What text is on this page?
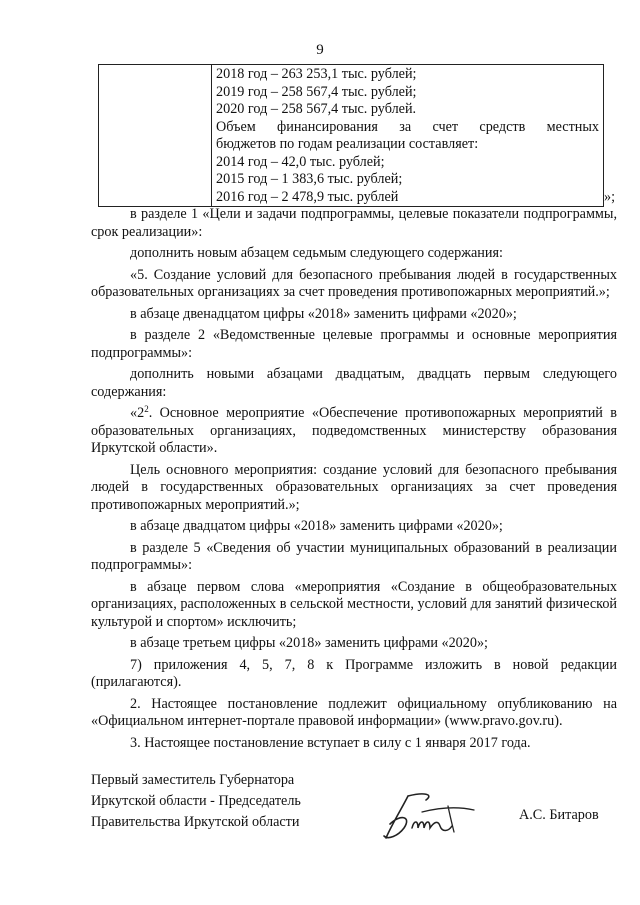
9

2018 год – 263 253,1 тыс. рублей;
2019 год – 258 567,4 тыс. рублей;
2020 год – 258 567,4 тыс. рублей.
Объем финансирования за счет средств местных
бюджетов по годам реализации составляет:
2014 год – 42,0 тыс. рублей;
2015 год – 1 383,6 тыс. рублей;
2016 год – 2 478,9 тыс. рублей	»;

в разделе 1 «Цели и задачи подпрограммы, целевые показатели подпрограммы, срок реализации»:

дополнить новым абзацем седьмым следующего содержания:

«5. Создание условий для безопасного пребывания людей в государственных образовательных организациях за счет проведения противопожарных мероприятий.»;

в абзаце двенадцатом цифры «2018» заменить цифрами «2020»;

в разделе 2 «Ведомственные целевые программы и основные мероприятия подпрограммы»:

дополнить новыми абзацами двадцатым, двадцать первым следующего содержания:

«$2^2$. Основное мероприятие «Обеспечение противопожарных мероприятий в образовательных организациях, подведомственных министерству образования Иркутской области».

Цель основного мероприятия: создание условий для безопасного пребывания людей в государственных образовательных организациях за счет проведения противопожарных мероприятий.»;

в абзаце двадцатом цифры «2018» заменить цифрами «2020»;

в разделе 5 «Сведения об участии муниципальных образований в реализации подпрограммы»:

в абзаце первом слова «мероприятия «Создание в общеобразовательных организациях, расположенных в сельской местности, условий для занятий физической культурой и спортом» исключить;

в абзаце третьем цифры «2018» заменить цифрами «2020»;

7) приложения 4, 5, 7, 8 к Программе изложить в новой редакции (прилагаются).

2. Настоящее постановление подлежит официальному опубликованию на «Официальном интернет-портале правовой информации» (www.pravo.gov.ru).

3. Настоящее постановление вступает в силу с 1 января 2017 года.

Первый заместитель Губернатора
Иркутской области - Председатель
Правительства Иркутской области	А.С. Битаров
